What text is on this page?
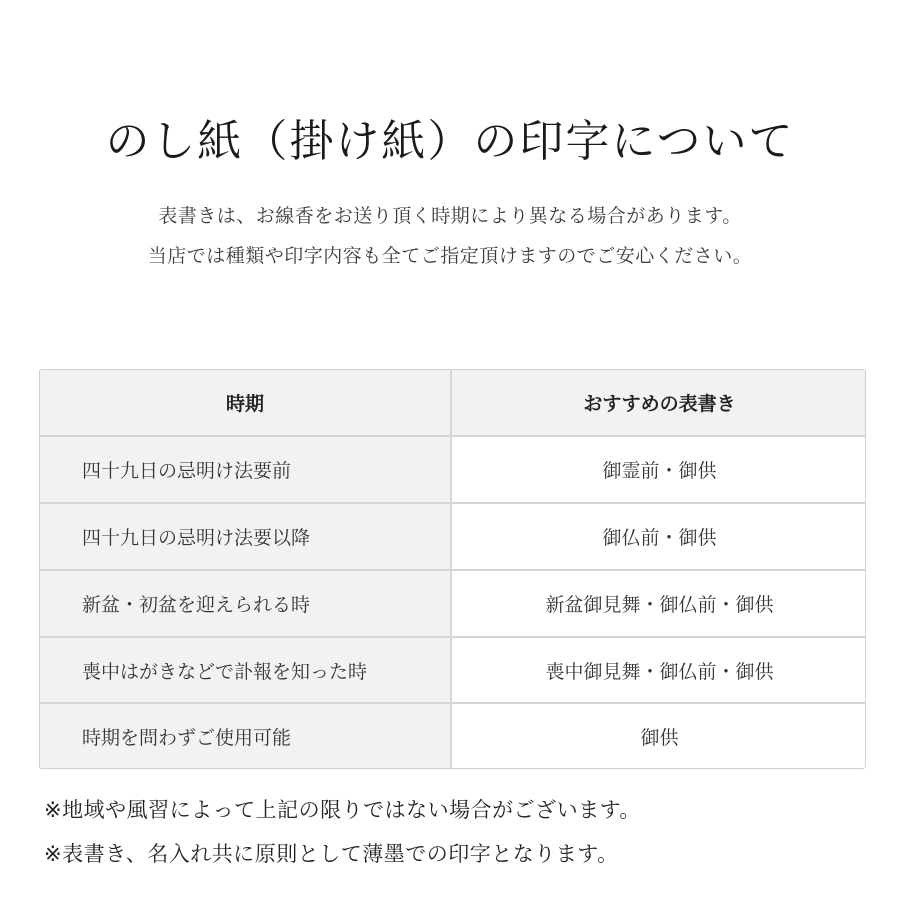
のし紙（掛け紙）の印字について

表書きは、お線香をお送り頂く時期により異なる場合があります。

当店では種類や印字内容も全てご指定頂けますのでご安心ください。

時期	おすすめの表書き
四十九日の忌明け法要前	御霊前・御供
四十九日の忌明け法要以降	御仏前・御供
新盆・初盆を迎えられる時	新盆御見舞・御仏前・御供
喪中はがきなどで訃報を知った時	喪中御見舞・御仏前・御供
時期を問わずご使用可能	御供

※地域や風習によって上記の限りではない場合がございます。

※表書き、名入れ共に原則として薄墨での印字となります。
